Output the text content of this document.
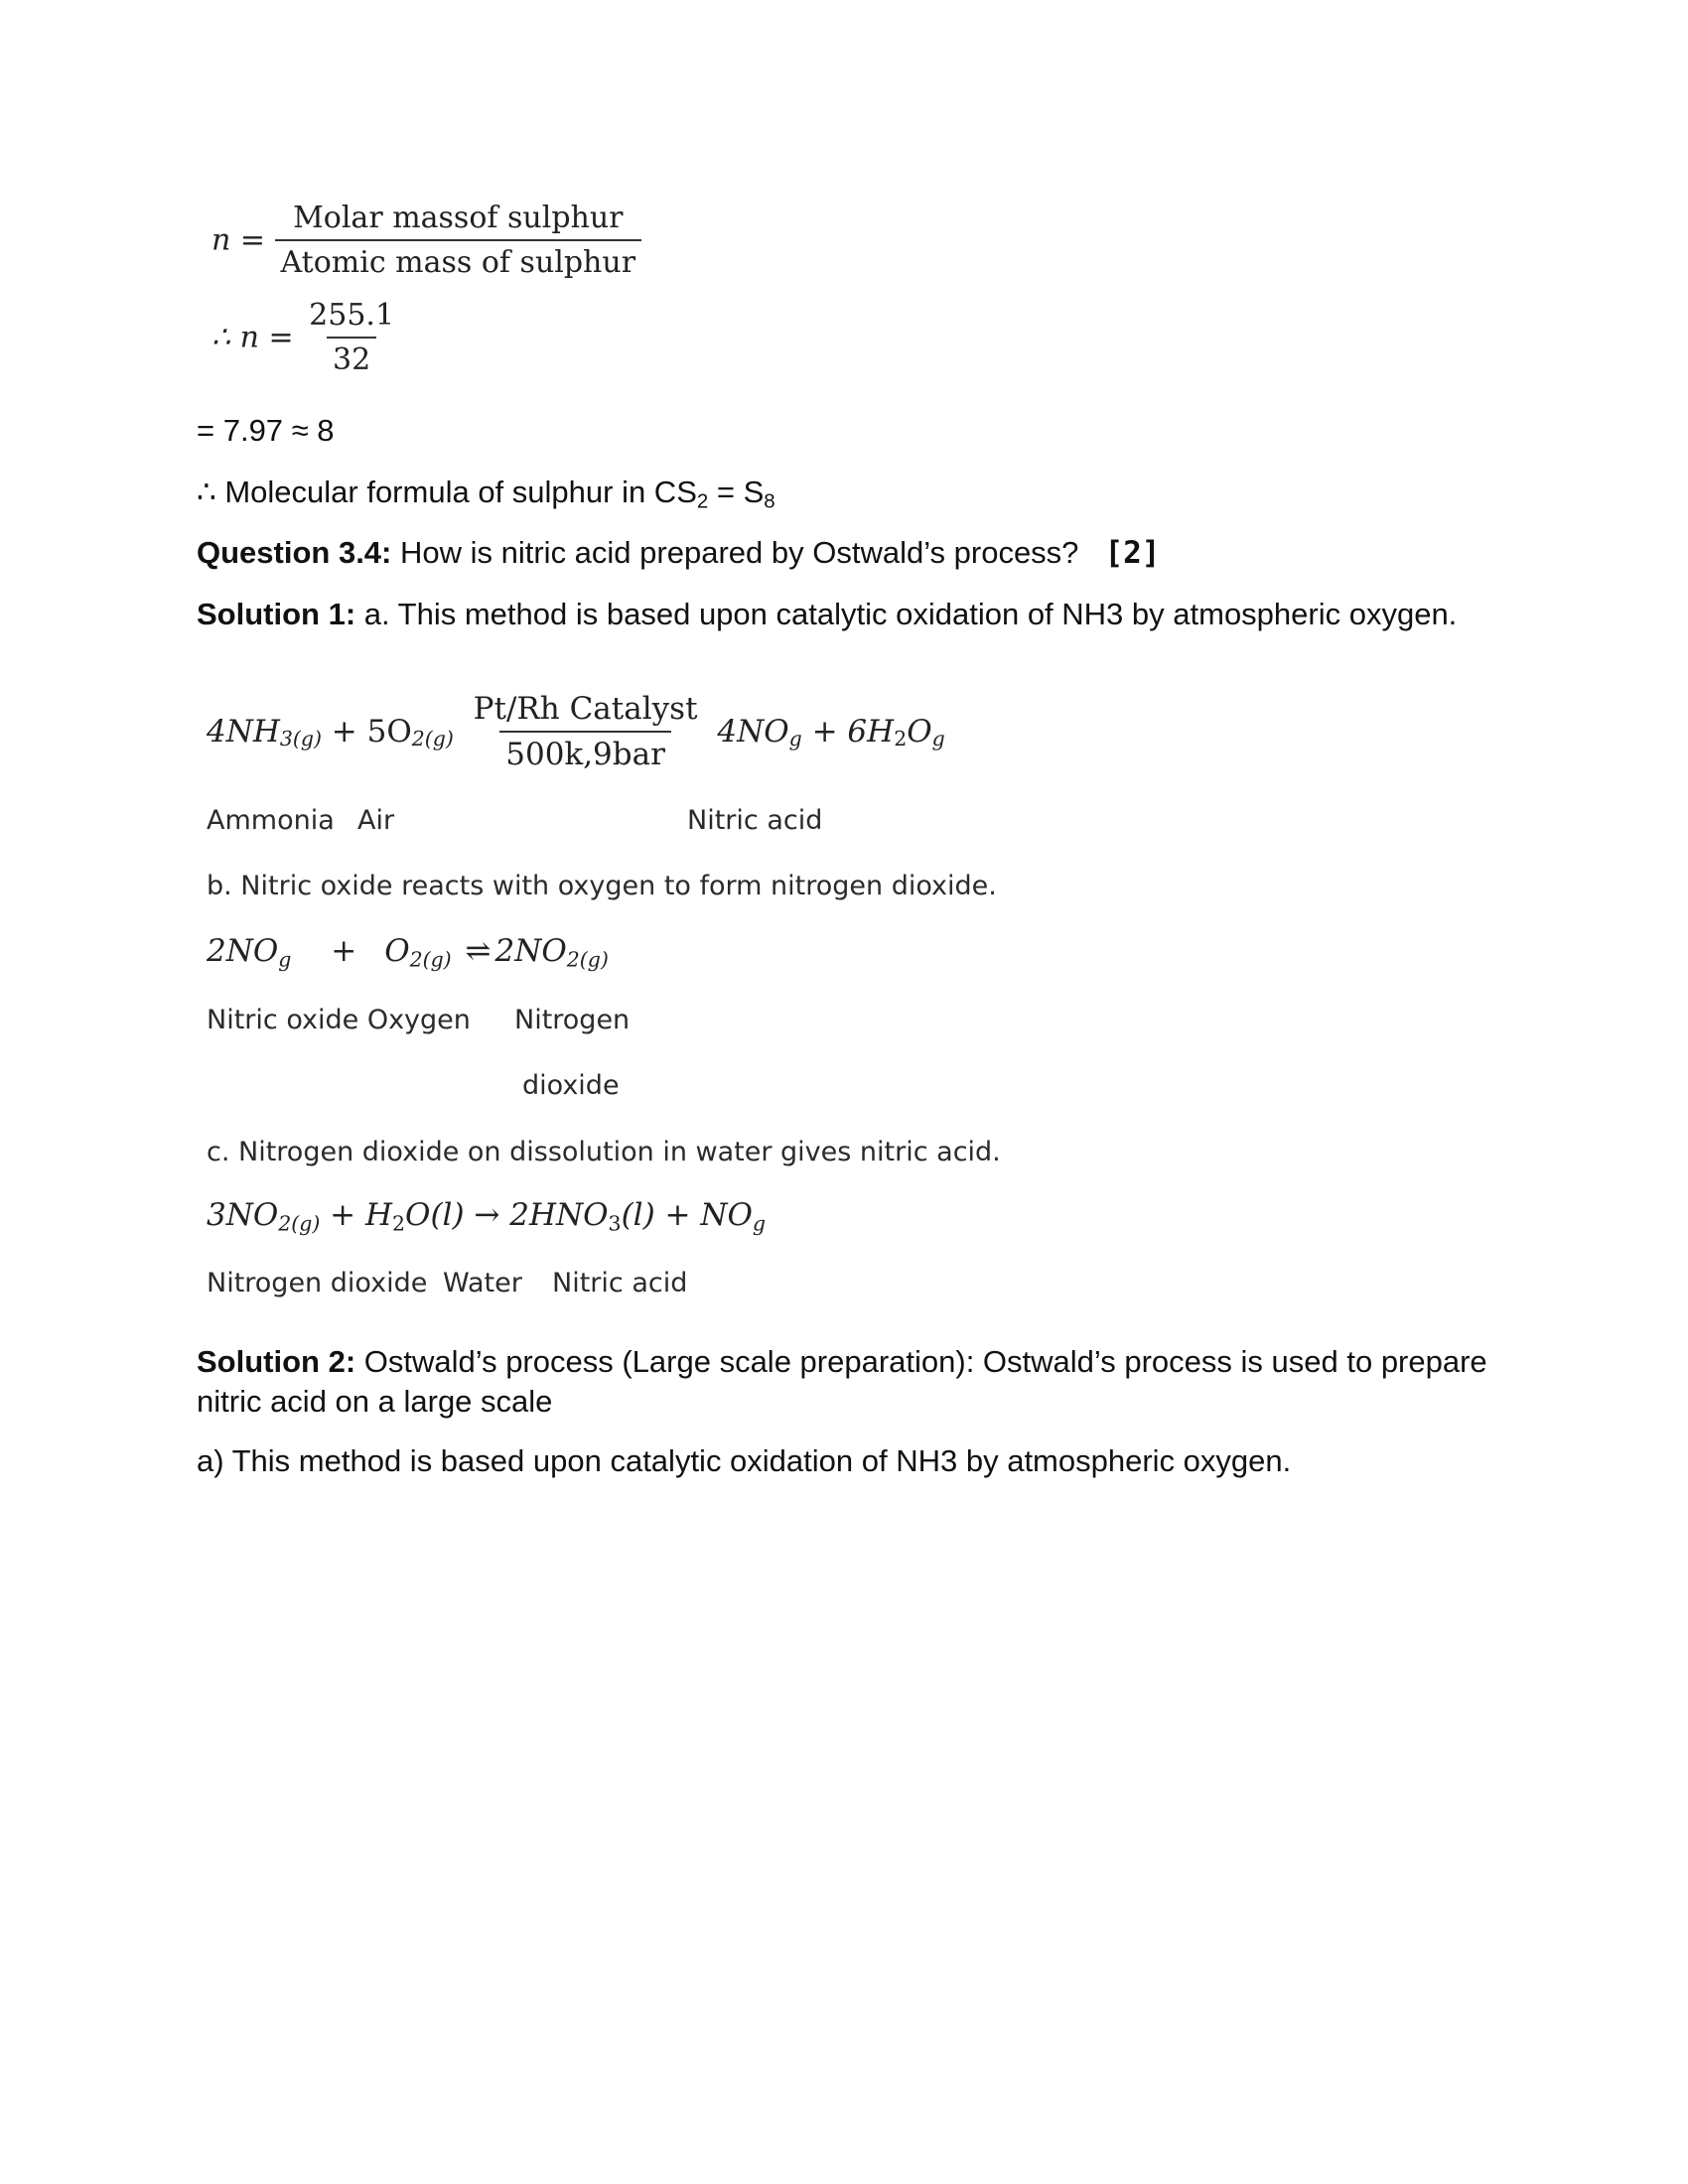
$n = \frac{\text{Molar massof sulphur}}{\text{Atomic mass of sulphur}}$
∴ $n = \frac{255.1}{32}$
= 7.97 ≈ 8
∴ Molecular formula of sulphur in $CS_2 = S_8$
Question 3.4: How is nitric acid prepared by Ostwald’s process? [2]
Solution 1: a. This method is based upon catalytic oxidation of NH3 by atmospheric oxygen.
$4NH_{3(g)} + 5O_{2(g)} \frac{\text{Pt/Rh Catalyst}}{\text{500k,9bar}} 4NO_g + 6H_2O_g$
Ammonia Air	Nitric acid
b. Nitric oxide reacts with oxygen to form nitrogen dioxide.
$2NO_g + O_{2(g)}$ ⇌ $2NO_{2(g)}$
Nitric oxide Oxygen Nitrogen
dioxide
c. Nitrogen dioxide on dissolution in water gives nitric acid.
$3NO_{2(g)} + H_2O(l) \to 2HNO_3(l) + NO_g$
Nitrogen dioxide Water Nitric acid
Solution 2: Ostwald’s process (Large scale preparation): Ostwald’s process is used to prepare nitric acid on a large scale
a) This method is based upon catalytic oxidation of NH3 by atmospheric oxygen.
